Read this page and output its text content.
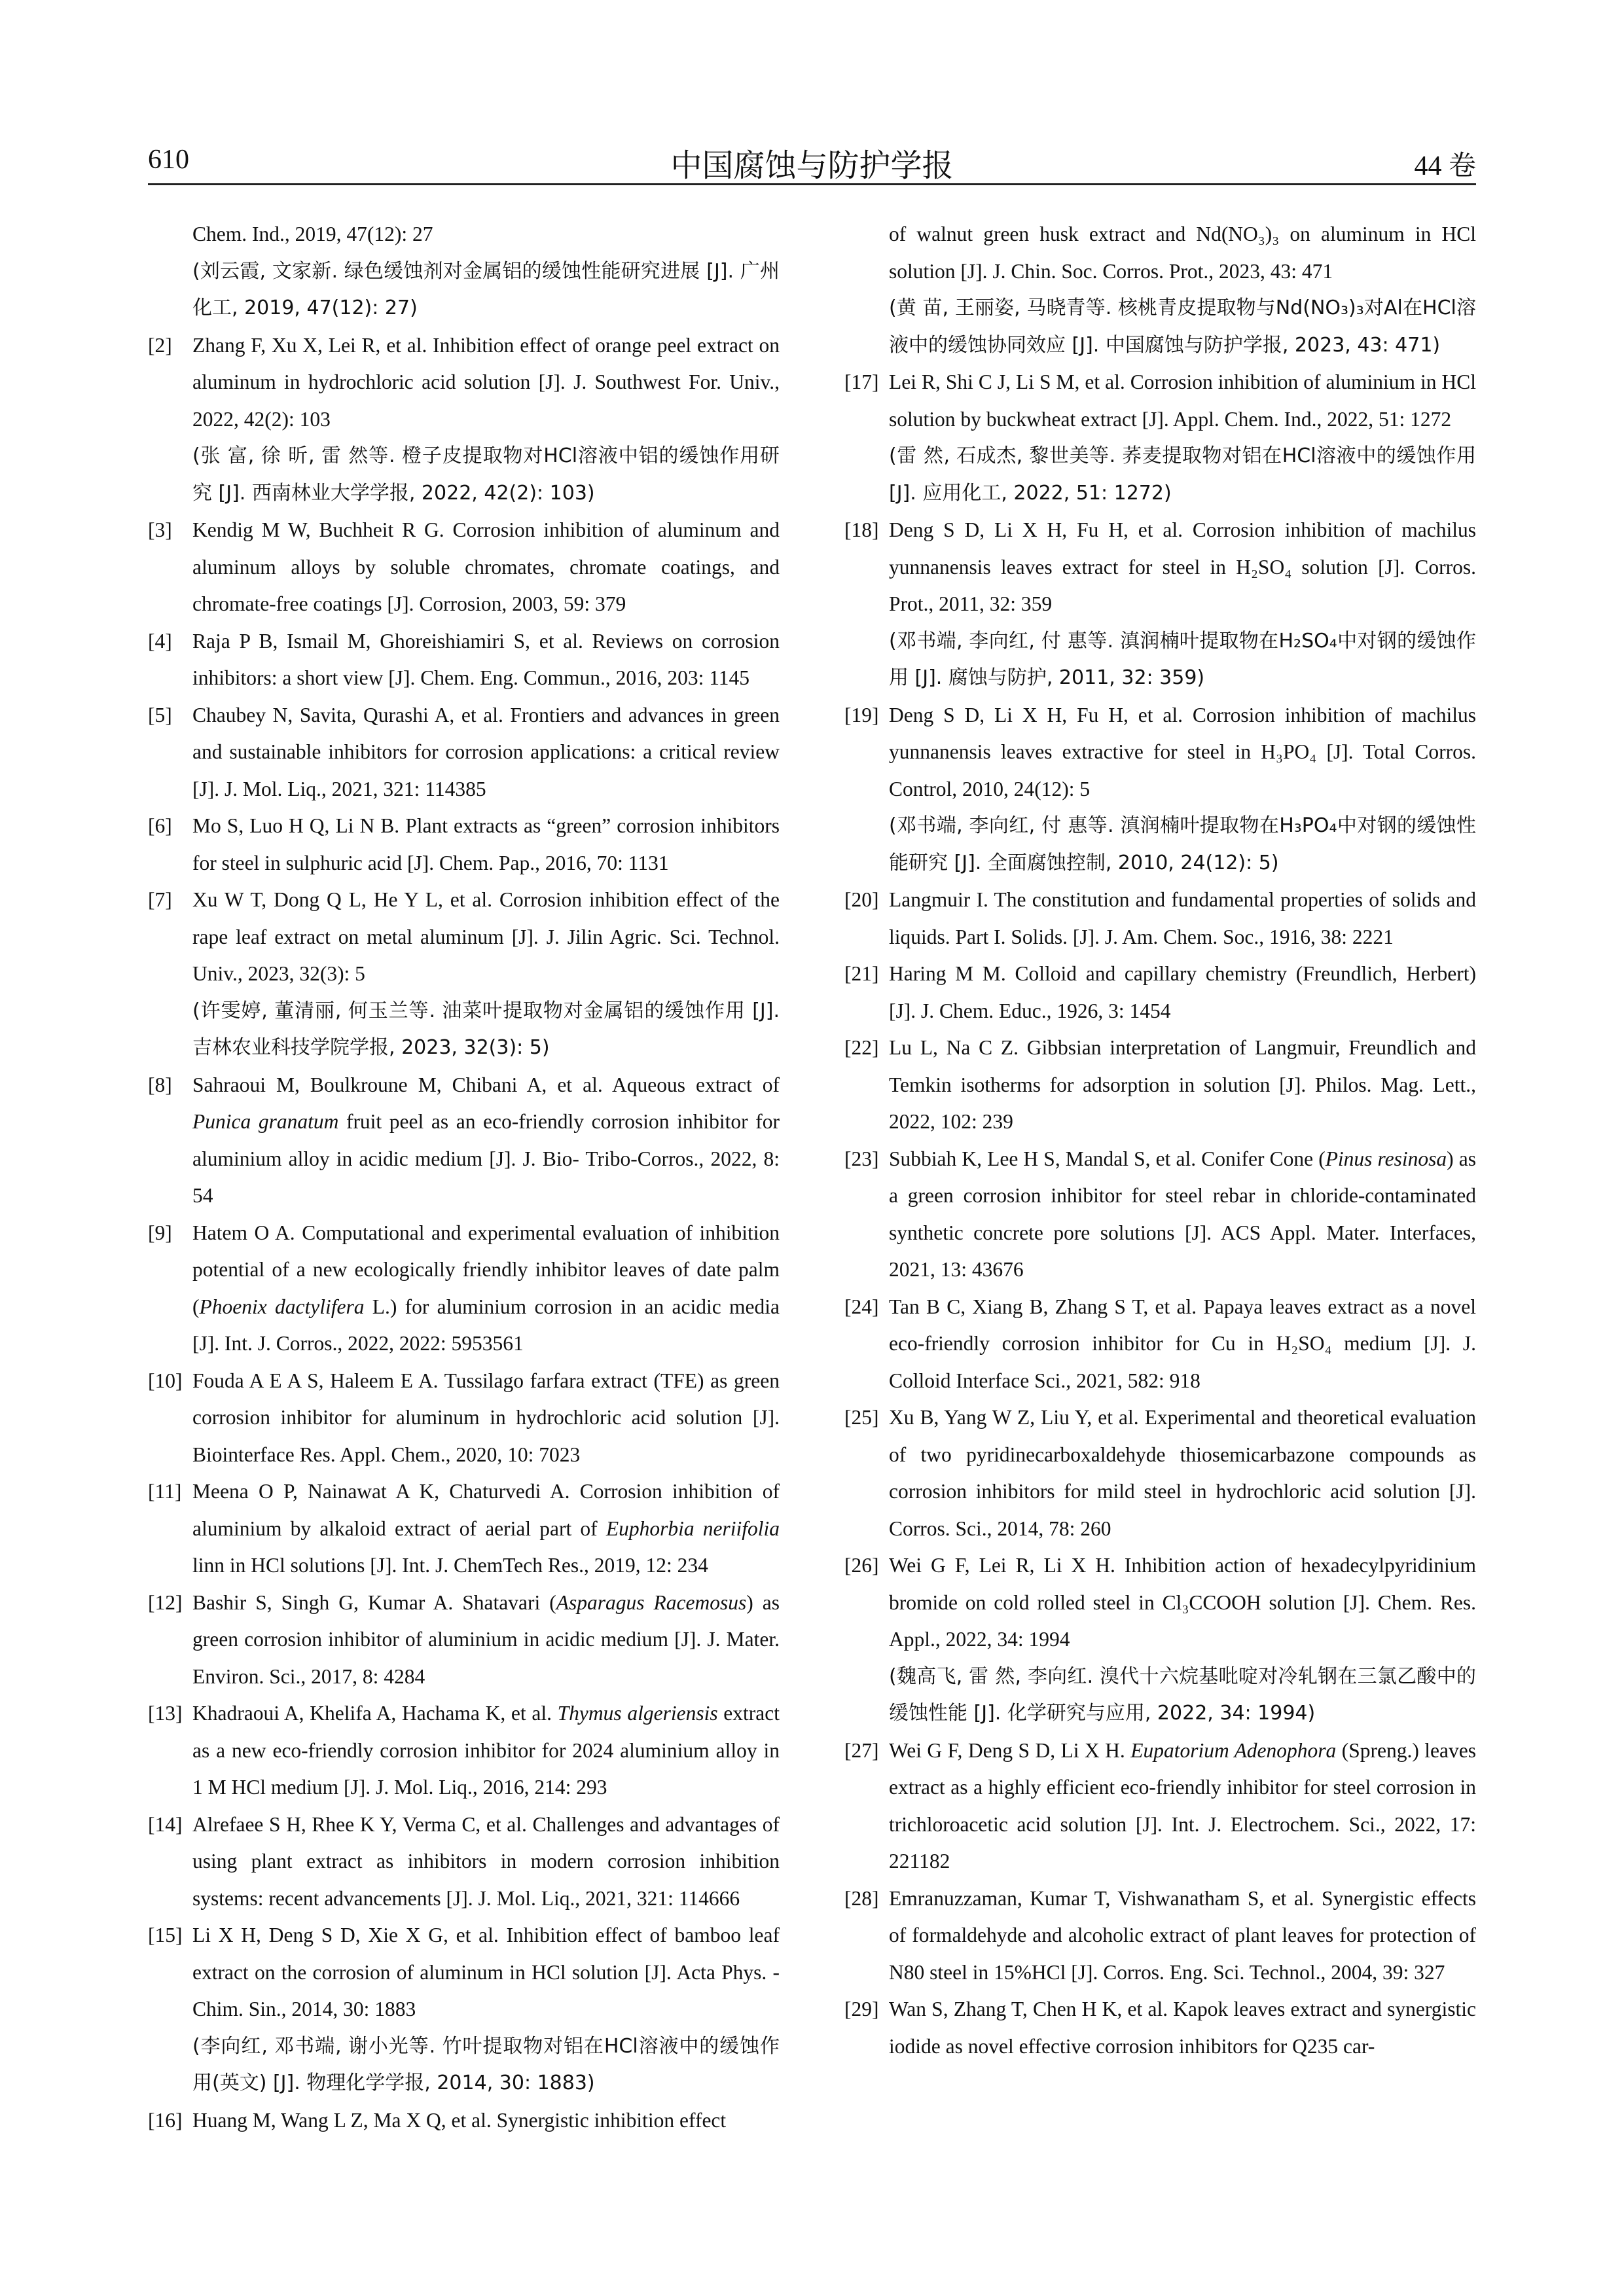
610	中国腐蚀与防护学报	44 卷

Chem. Ind., 2019, 47(12): 27

(刘云霞, 文家新. 绿色缓蚀剂对金属铝的缓蚀性能研究进展 [J]. 广州化工, 2019, 47(12): 27)

[2] Zhang F, Xu X, Lei R, et al. Inhibition effect of orange peel extract on aluminum in hydrochloric acid solution [J]. J. Southwest For. Univ., 2022, 42(2): 103

(张 富, 徐 昕, 雷 然等. 橙子皮提取物对HCl溶液中铝的缓蚀作用研究 [J]. 西南林业大学学报, 2022, 42(2): 103)

[3] Kendig M W, Buchheit R G. Corrosion inhibition of aluminum and aluminum alloys by soluble chromates, chromate coatings, and chromate-free coatings [J]. Corrosion, 2003, 59: 379

[4] Raja P B, Ismail M, Ghoreishiamiri S, et al. Reviews on corrosion inhibitors: a short view [J]. Chem. Eng. Commun., 2016, 203: 1145

[5] Chaubey N, Savita, Qurashi A, et al. Frontiers and advances in green and sustainable inhibitors for corrosion applications: a critical review [J]. J. Mol. Liq., 2021, 321: 114385

[6] Mo S, Luo H Q, Li N B. Plant extracts as “green” corrosion inhibitors for steel in sulphuric acid [J]. Chem. Pap., 2016, 70: 1131

[7] Xu W T, Dong Q L, He Y L, et al. Corrosion inhibition effect of the rape leaf extract on metal aluminum [J]. J. Jilin Agric. Sci. Technol. Univ., 2023, 32(3): 5

(许雯婷, 董清丽, 何玉兰等. 油菜叶提取物对金属铝的缓蚀作用 [J]. 吉林农业科技学院学报, 2023, 32(3): 5)

[8] Sahraoui M, Boulkroune M, Chibani A, et al. Aqueous extract of Punica granatum fruit peel as an eco-friendly corrosion inhibitor for aluminium alloy in acidic medium [J]. J. Bio- Tribo-Corros., 2022, 8: 54

[9] Hatem O A. Computational and experimental evaluation of inhibition potential of a new ecologically friendly inhibitor leaves of date palm (Phoenix dactylifera L.) for aluminium corrosion in an acidic media [J]. Int. J. Corros., 2022, 2022: 5953561

[10] Fouda A E A S, Haleem E A. Tussilago farfara extract (TFE) as green corrosion inhibitor for aluminum in hydrochloric acid solution [J]. Biointerface Res. Appl. Chem., 2020, 10: 7023

[11] Meena O P, Nainawat A K, Chaturvedi A. Corrosion inhibition of aluminium by alkaloid extract of aerial part of Euphorbia neriifolia linn in HCl solutions [J]. Int. J. ChemTech Res., 2019, 12: 234

[12] Bashir S, Singh G, Kumar A. Shatavari (Asparagus Racemosus) as green corrosion inhibitor of aluminium in acidic medium [J]. J. Mater. Environ. Sci., 2017, 8: 4284

[13] Khadraoui A, Khelifa A, Hachama K, et al. Thymus algeriensis extract as a new eco-friendly corrosion inhibitor for 2024 aluminium alloy in 1 M HCl medium [J]. J. Mol. Liq., 2016, 214: 293

[14] Alrefaee S H, Rhee K Y, Verma C, et al. Challenges and advantages of using plant extract as inhibitors in modern corrosion inhibition systems: recent advancements [J]. J. Mol. Liq., 2021, 321: 114666

[15] Li X H, Deng S D, Xie X G, et al. Inhibition effect of bamboo leaf extract on the corrosion of aluminum in HCl solution [J]. Acta Phys. -Chim. Sin., 2014, 30: 1883

(李向红, 邓书端, 谢小光等. 竹叶提取物对铝在HCl溶液中的缓蚀作用(英文) [J]. 物理化学学报, 2014, 30: 1883)

[16] Huang M, Wang L Z, Ma X Q, et al. Synergistic inhibition effect

of walnut green husk extract and Nd(NO₃)₃ on aluminum in HCl solution [J]. J. Chin. Soc. Corros. Prot., 2023, 43: 471

(黄 苗, 王丽姿, 马晓青等. 核桃青皮提取物与Nd(NO₃)₃对Al在HCl溶液中的缓蚀协同效应 [J]. 中国腐蚀与防护学报, 2023, 43: 471)

[17] Lei R, Shi C J, Li S M, et al. Corrosion inhibition of aluminium in HCl solution by buckwheat extract [J]. Appl. Chem. Ind., 2022, 51: 1272

(雷 然, 石成杰, 黎世美等. 荞麦提取物对铝在HCl溶液中的缓蚀作用 [J]. 应用化工, 2022, 51: 1272)

[18] Deng S D, Li X H, Fu H, et al. Corrosion inhibition of machilus yunnanensis leaves extract for steel in H₂SO₄ solution [J]. Corros. Prot., 2011, 32: 359

(邓书端, 李向红, 付 惠等. 滇润楠叶提取物在H₂SO₄中对钢的缓蚀作用 [J]. 腐蚀与防护, 2011, 32: 359)

[19] Deng S D, Li X H, Fu H, et al. Corrosion inhibition of machilus yunnanensis leaves extractive for steel in H₃PO₄ [J]. Total Corros. Control, 2010, 24(12): 5

(邓书端, 李向红, 付 惠等. 滇润楠叶提取物在H₃PO₄中对钢的缓蚀性能研究 [J]. 全面腐蚀控制, 2010, 24(12): 5)

[20] Langmuir I. The constitution and fundamental properties of solids and liquids. Part I. Solids. [J]. J. Am. Chem. Soc., 1916, 38: 2221

[21] Haring M M. Colloid and capillary chemistry (Freundlich, Herbert) [J]. J. Chem. Educ., 1926, 3: 1454

[22] Lu L, Na C Z. Gibbsian interpretation of Langmuir, Freundlich and Temkin isotherms for adsorption in solution [J]. Philos. Mag. Lett., 2022, 102: 239

[23] Subbiah K, Lee H S, Mandal S, et al. Conifer Cone (Pinus resinosa) as a green corrosion inhibitor for steel rebar in chloride-contaminated synthetic concrete pore solutions [J]. ACS Appl. Mater. Interfaces, 2021, 13: 43676

[24] Tan B C, Xiang B, Zhang S T, et al. Papaya leaves extract as a novel eco-friendly corrosion inhibitor for Cu in H₂SO₄ medium [J]. J. Colloid Interface Sci., 2021, 582: 918

[25] Xu B, Yang W Z, Liu Y, et al. Experimental and theoretical evaluation of two pyridinecarboxaldehyde thiosemicarbazone compounds as corrosion inhibitors for mild steel in hydrochloric acid solution [J]. Corros. Sci., 2014, 78: 260

[26] Wei G F, Lei R, Li X H. Inhibition action of hexadecylpyridinium bromide on cold rolled steel in Cl₃CCOOH solution [J]. Chem. Res. Appl., 2022, 34: 1994

(魏高飞, 雷 然, 李向红. 溴代十六烷基吡啶对冷轧钢在三氯乙酸中的缓蚀性能 [J]. 化学研究与应用, 2022, 34: 1994)

[27] Wei G F, Deng S D, Li X H. Eupatorium Adenophora (Spreng.) leaves extract as a highly efficient eco-friendly inhibitor for steel corrosion in trichloroacetic acid solution [J]. Int. J. Electrochem. Sci., 2022, 17: 221182

[28] Emranuzzaman, Kumar T, Vishwanatham S, et al. Synergistic effects of formaldehyde and alcoholic extract of plant leaves for protection of N80 steel in 15%HCl [J]. Corros. Eng. Sci. Technol., 2004, 39: 327

[29] Wan S, Zhang T, Chen H K, et al. Kapok leaves extract and synergistic iodide as novel effective corrosion inhibitors for Q235 car-
